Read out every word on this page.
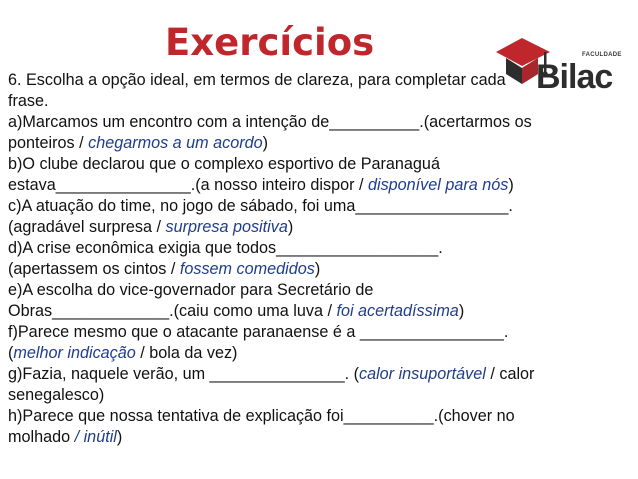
Exercícios	FACULDADE
Bilac
6. Escolha a opção ideal, em termos de clareza, para completar cada
frase.
a)Marcamos um encontro com a intenção de__________.(acertarmos os
ponteiros / chegarmos a um acordo)
b)O clube declarou que o complexo esportivo de Paranaguá
estava_______________.(a nosso inteiro dispor / disponível para nós)
c)A atuação do time, no jogo de sábado, foi uma_________________.
(agradável surpresa / surpresa positiva)
d)A crise econômica exigia que todos__________________.
(apertassem os cintos / fossem comedidos)
e)A escolha do vice-governador para Secretário de
Obras_____________.(caiu como uma luva / foi acertadíssima)
f)Parece mesmo que o atacante paranaense é a ________________.
(melhor indicação / bola da vez)
g)Fazia, naquele verão, um _______________. (calor insuportável / calor
senegalesco)
h)Parece que nossa tentativa de explicação foi__________.(chover no
molhado / inútil)
